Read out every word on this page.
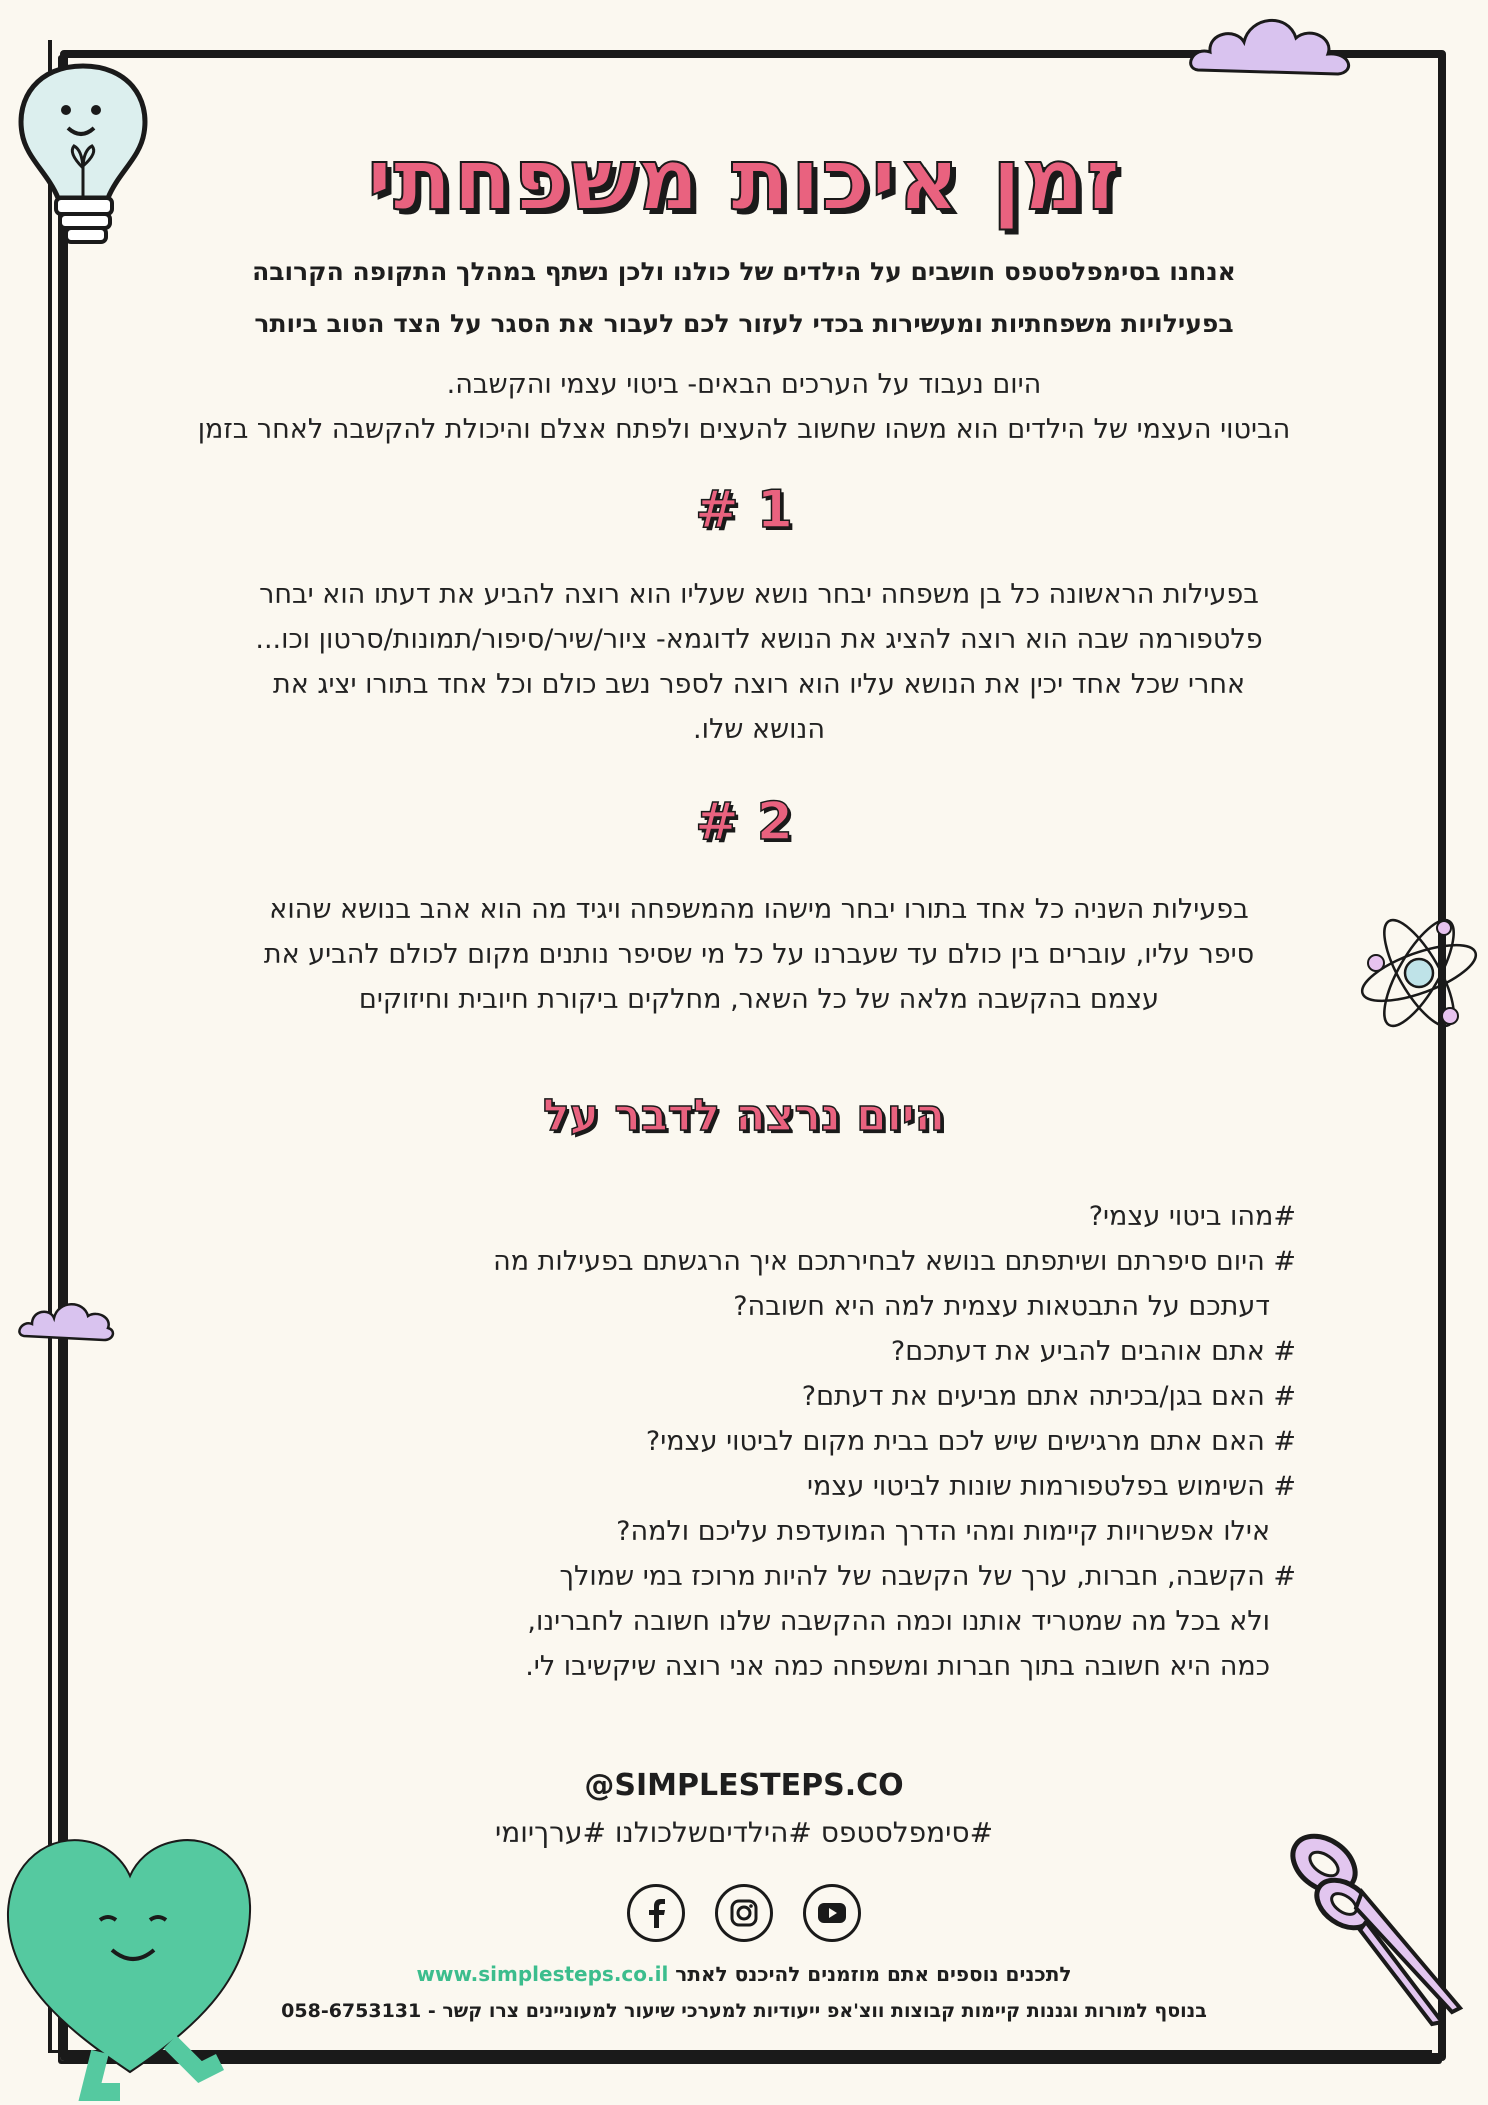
זמן איכות משפחתי
אנחנו בסימפלסטפס חושבים על הילדים של כולנו ולכן נשתף במהלך התקופה הקרובה
בפעילויות משפחתיות ומעשירות בכדי לעזור לכם לעבור את הסגר על הצד הטוב ביותר
היום נעבוד על הערכים הבאים- ביטוי עצמי והקשבה.
הביטוי העצמי של הילדים הוא משהו שחשוב להעצים ולפתח אצלם והיכולת להקשבה לאחר בזמן
# 1
בפעילות הראשונה כל בן משפחה יבחר נושא שעליו הוא רוצה להביע את דעתו הוא יבחר
פלטפורמה שבה הוא רוצה להציג את הנושא לדוגמא- ציור/שיר/סיפור/תמונות/סרטון וכו...
אחרי שכל אחד יכין את הנושא עליו הוא רוצה לספר נשב כולם וכל אחד בתורו יציג את
הנושא שלו.
# 2
בפעילות השניה כל אחד בתורו יבחר מישהו מהמשפחה ויגיד מה הוא אהב בנושא שהוא
סיפר עליו, עוברים בין כולם עד שעברנו על כל מי שסיפר נותנים מקום לכולם להביע את
עצמם בהקשבה מלאה של כל השאר, מחלקים ביקורת חיובית וחיזוקים
היום נרצה לדבר על
#מהו ביטוי עצמי?
# היום סיפרתם ושיתפתם בנושא לבחירתכם איך הרגשתם בפעילות מה
דעתכם על התבטאות עצמית למה היא חשובה?
# אתם אוהבים להביע את דעתכם?
# האם בגן/בכיתה אתם מביעים את דעתם?
# האם אתם מרגישים שיש לכם בבית מקום לביטוי עצמי?
# השימוש בפלטפורמות שונות לביטוי עצמי
אילו אפשרויות קיימות ומהי הדרך המועדפת עליכם ולמה?
# הקשבה, חברות, ערך של הקשבה של להיות מרוכז במי שמולך
ולא בכל מה שמטריד אותנו וכמה ההקשבה שלנו חשובה לחברינו,
כמה היא חשובה בתוך חברות ומשפחה כמה אני רוצה שיקשיבו לי.
@SIMPLESTEPS.CO
#סימפלסטפס #הילדיםשלכולנו #ערךיומי
לתכנים נוספים אתם מוזמנים להיכנס לאתר www.simplesteps.co.il
בנוסף למורות וגננות קיימות קבוצות ווצ'אפ ייעודיות למערכי שיעור למעוניינים צרו קשר - 058-6753131
